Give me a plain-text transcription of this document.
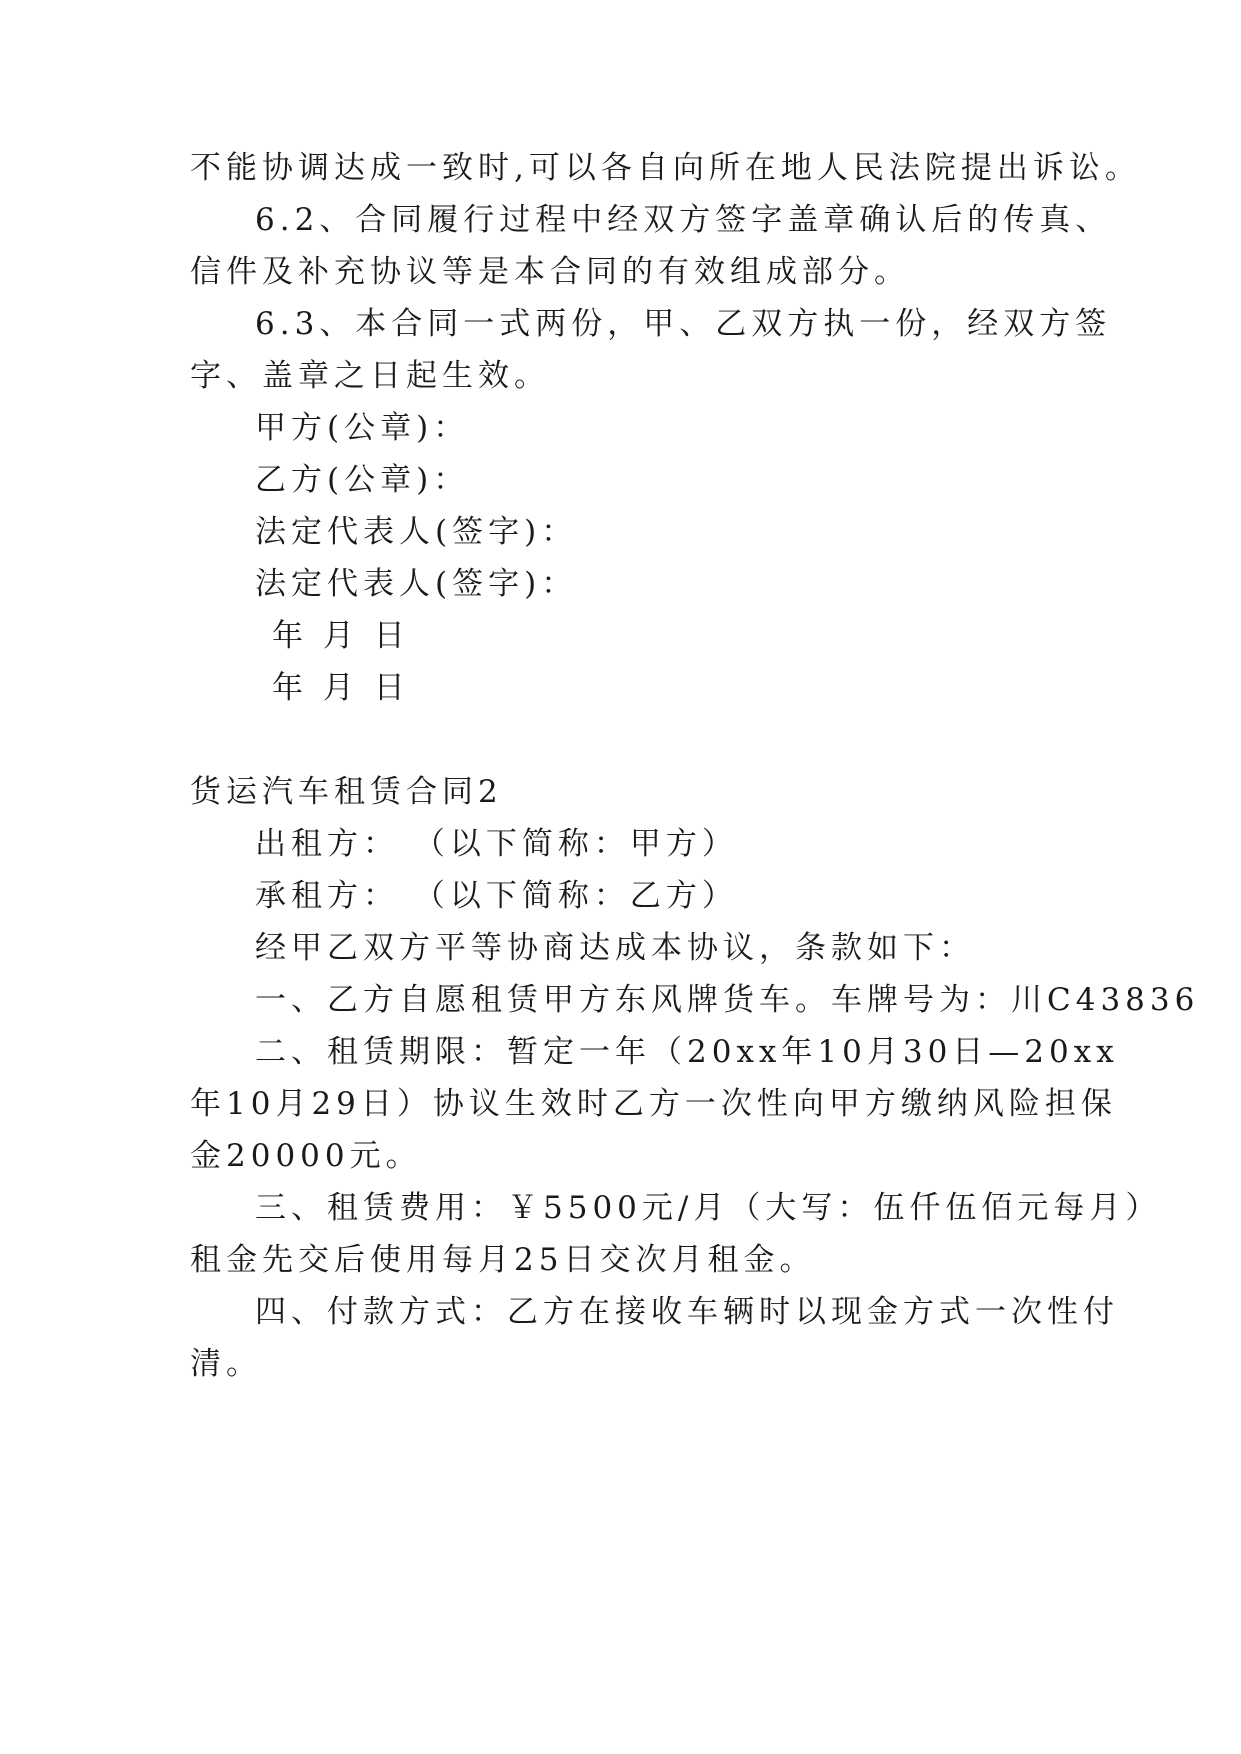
不能协调达成一致时,可以各自向所在地人民法院提出诉讼。
6.2、合同履行过程中经双方签字盖章确认后的传真、
信件及补充协议等是本合同的有效组成部分。
6.3、本合同一式两份，甲、乙双方执一份，经双方签
字、盖章之日起生效。
甲方(公章)：
乙方(公章)：
法定代表人(签字)：
法定代表人(签字)：
年 月 日
年 月 日
货运汽车租赁合同2
出租方： （以下简称：甲方）
承租方： （以下简称：乙方）
经甲乙双方平等协商达成本协议，条款如下：
一、乙方自愿租赁甲方东风牌货车。车牌号为：川C43836
二、租赁期限：暂定一年（20xx年10月30日—20xx
年10月29日）协议生效时乙方一次性向甲方缴纳风险担保
金20000元。
三、租赁费用：￥5500元/月（大写：伍仟伍佰元每月）
租金先交后使用每月25日交次月租金。
四、付款方式：乙方在接收车辆时以现金方式一次性付
清。
